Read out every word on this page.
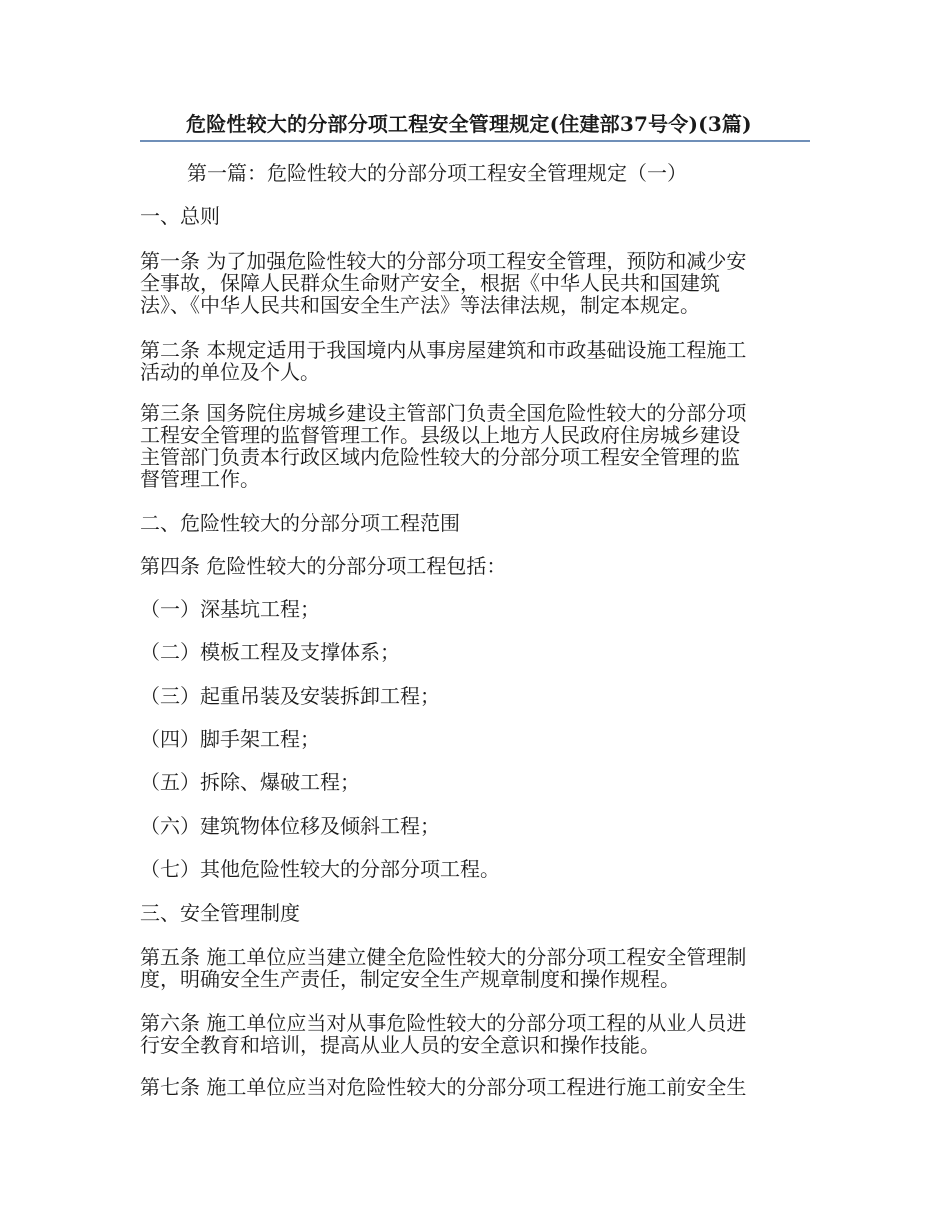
危险性较大的分部分项工程安全管理规定(住建部37号令)(3篇)
第一篇：危险性较大的分部分项工程安全管理规定（一）

一、总则

第一条 为了加强危险性较大的分部分项工程安全管理，预防和减少安
全事故，保障人民群众生命财产安全，根据《中华人民共和国建筑
法》、《中华人民共和国安全生产法》等法律法规，制定本规定。

第二条 本规定适用于我国境内从事房屋建筑和市政基础设施工程施工
活动的单位及个人。

第三条 国务院住房城乡建设主管部门负责全国危险性较大的分部分项
工程安全管理的监督管理工作。县级以上地方人民政府住房城乡建设
主管部门负责本行政区域内危险性较大的分部分项工程安全管理的监
督管理工作。

二、危险性较大的分部分项工程范围

第四条 危险性较大的分部分项工程包括：

（一）深基坑工程；

（二）模板工程及支撑体系；

（三）起重吊装及安装拆卸工程；

（四）脚手架工程；

（五）拆除、爆破工程；

（六）建筑物体位移及倾斜工程；

（七）其他危险性较大的分部分项工程。

三、安全管理制度

第五条 施工单位应当建立健全危险性较大的分部分项工程安全管理制
度，明确安全生产责任，制定安全生产规章制度和操作规程。

第六条 施工单位应当对从事危险性较大的分部分项工程的从业人员进
行安全教育和培训，提高从业人员的安全意识和操作技能。

第七条 施工单位应当对危险性较大的分部分项工程进行施工前安全生
